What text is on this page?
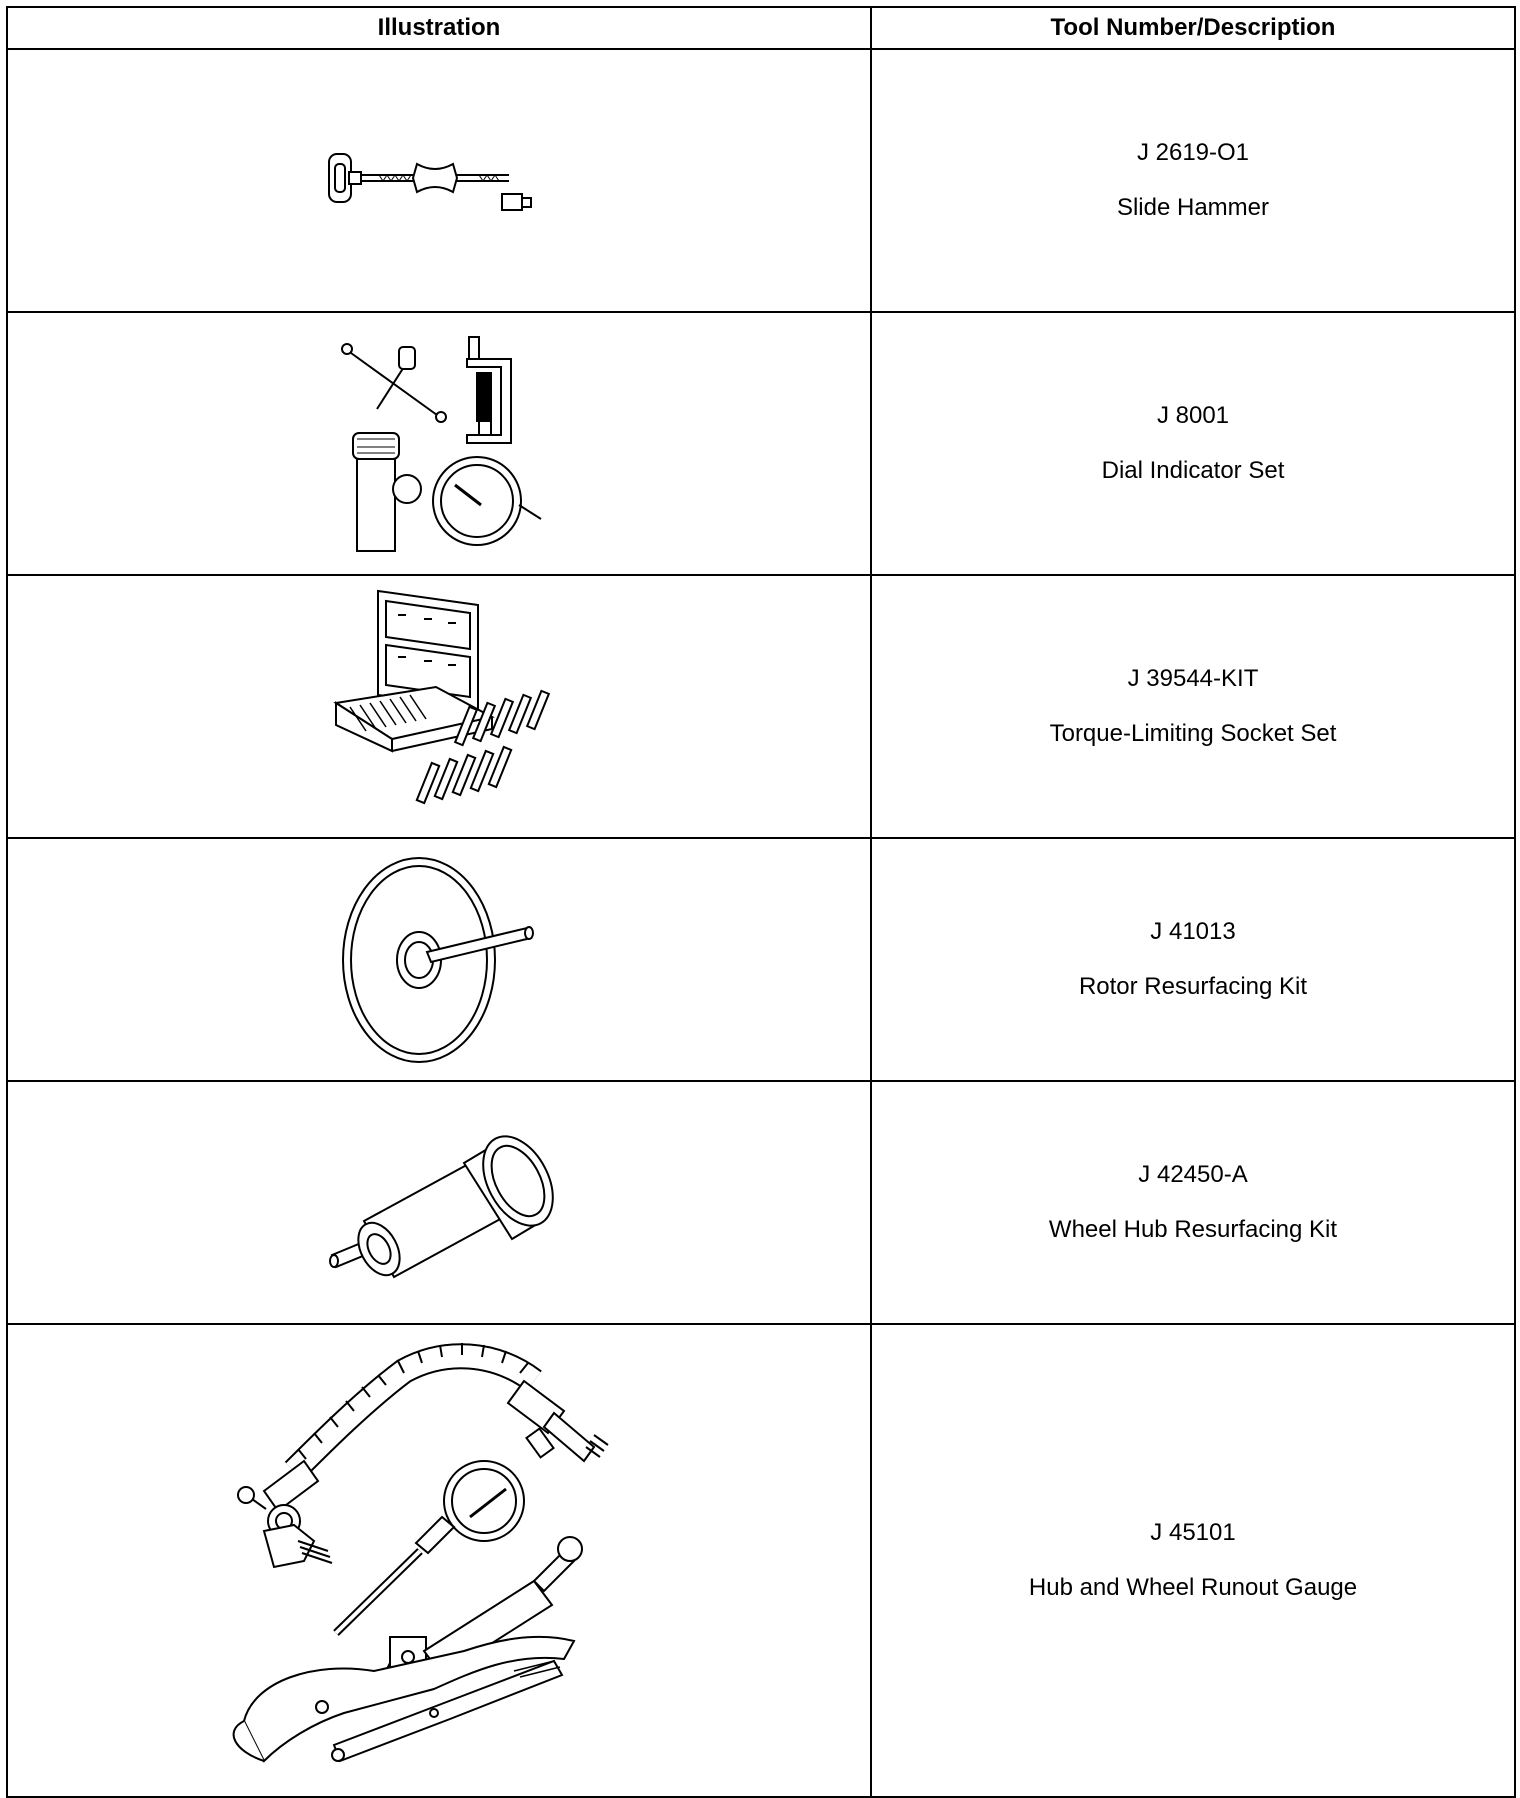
Illustration	Tool Number/Description

J 2619-O1
Slide Hammer

J 8001
Dial Indicator Set

J 39544-KIT
Torque-Limiting Socket Set

J 41013
Rotor Resurfacing Kit

J 42450-A
Wheel Hub Resurfacing Kit

J 45101
Hub and Wheel Runout Gauge
